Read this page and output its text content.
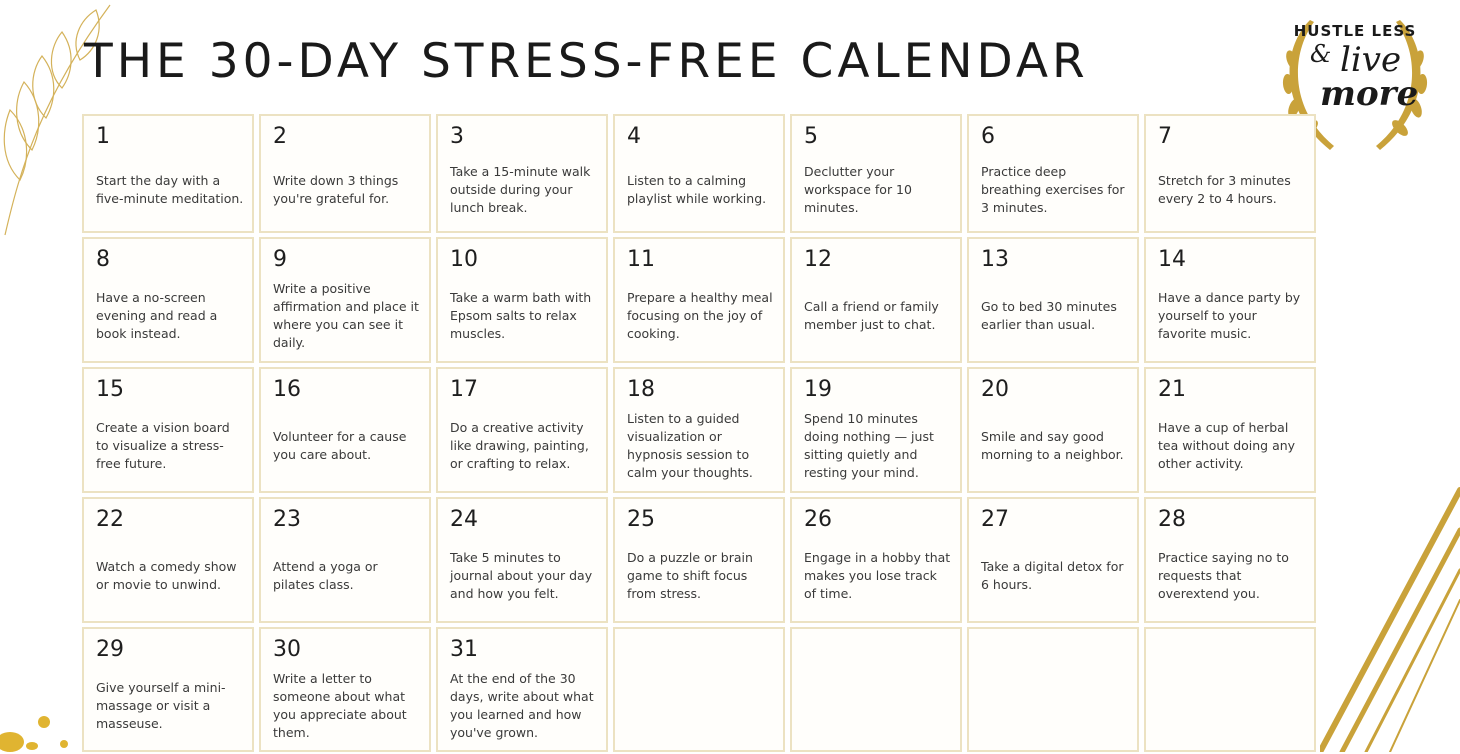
THE 30-DAY STRESS-FREE CALENDAR
HUSTLE LESS
& live
more
1
Start the day with a five-minute meditation.
2
Write down 3 things you're grateful for.
3
Take a 15-minute walk outside during your lunch break.
4
Listen to a calming playlist while working.
5
Declutter your workspace for 10 minutes.
6
Practice deep breathing exercises for 3 minutes.
7
Stretch for 3 minutes every 2 to 4 hours.
8
Have a no-screen evening and read a book instead.
9
Write a positive affirmation and place it where you can see it daily.
10
Take a warm bath with Epsom salts to relax muscles.
11
Prepare a healthy meal focusing on the joy of cooking.
12
Call a friend or family member just to chat.
13
Go to bed 30 minutes earlier than usual.
14
Have a dance party by yourself to your favorite music.
15
Create a vision board to visualize a stress-free future.
16
Volunteer for a cause you care about.
17
Do a creative activity like drawing, painting, or crafting to relax.
18
Listen to a guided visualization or hypnosis session to calm your thoughts.
19
Spend 10 minutes doing nothing — just sitting quietly and resting your mind.
20
Smile and say good morning to a neighbor.
21
Have a cup of herbal tea without doing any other activity.
22
Watch a comedy show or movie to unwind.
23
Attend a yoga or pilates class.
24
Take 5 minutes to journal about your day and how you felt.
25
Do a puzzle or brain game to shift focus from stress.
26
Engage in a hobby that makes you lose track of time.
27
Take a digital detox for 6 hours.
28
Practice saying no to requests that overextend you.
29
Give yourself a mini-massage or visit a masseuse.
30
Write a letter to someone about what you appreciate about them.
31
At the end of the 30 days, write about what you learned and how you've grown.
